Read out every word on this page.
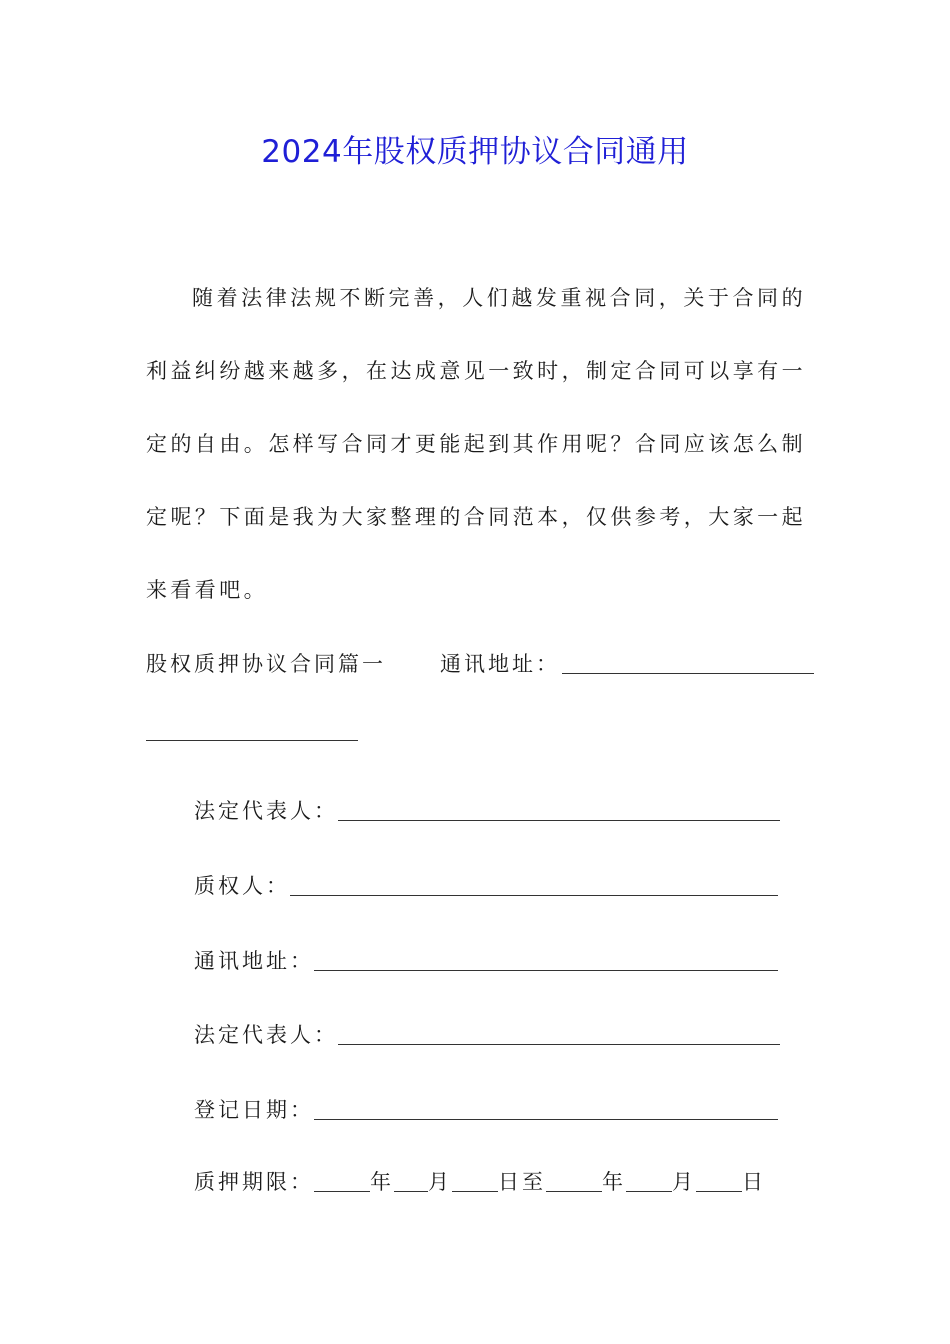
2024年股权质押协议合同通用

随着法律法规不断完善，人们越发重视合同，关于合同的利益纠纷越来越多，在达成意见一致时，制定合同可以享有一定的自由。怎样写合同才更能起到其作用呢？合同应该怎么制定呢？下面是我为大家整理的合同范本，仅供参考，大家一起来看看吧。

股权质押协议合同篇一	通讯地址：
法定代表人：
质权人：
通讯地址：
法定代表人：
登记日期：
质押期限：	年 月 日至	年 月 日
